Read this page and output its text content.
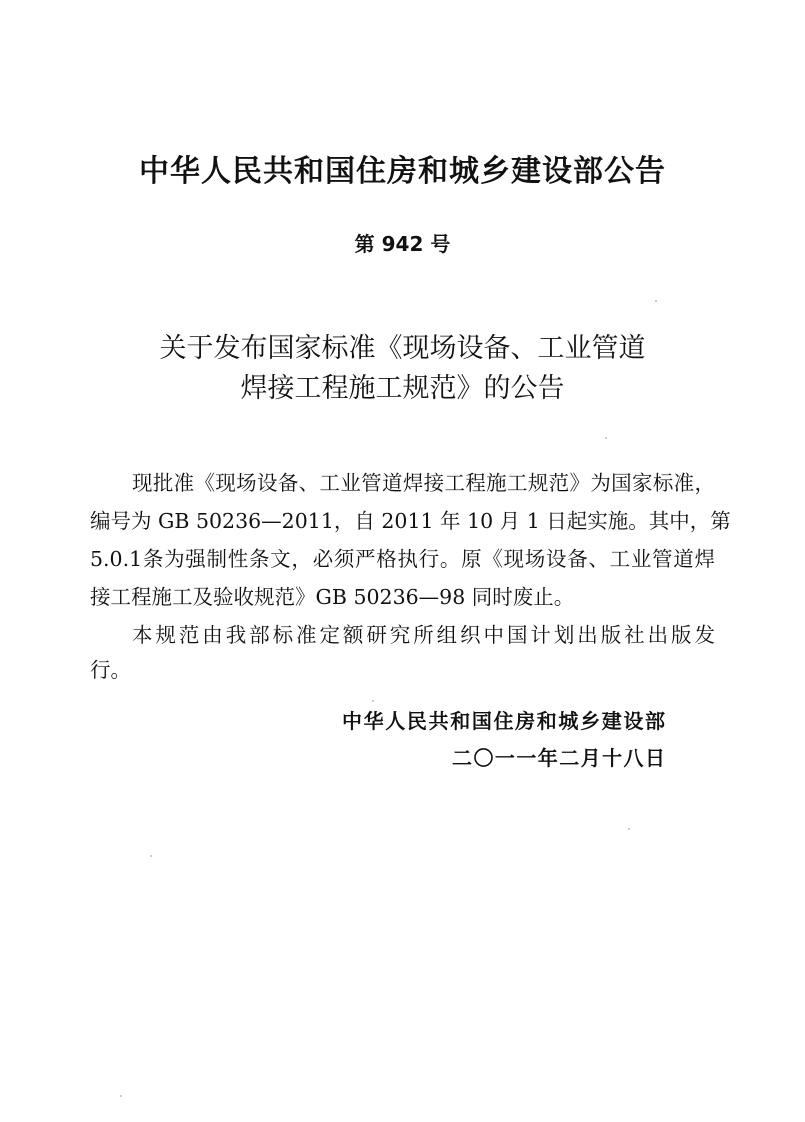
中华人民共和国住房和城乡建设部公告
第 942 号
关于发布国家标准《现场设备、工业管道
焊接工程施工规范》的公告
现批准《现场设备、工业管道焊接工程施工规范》为国家标准，
编号为 GB 50236—2011，自 2011 年 10 月 1 日起实施。其中，第
5.0.1条为强制性条文，必须严格执行。原《现场设备、工业管道焊
接工程施工及验收规范》GB 50236—98 同时废止。
本规范由我部标准定额研究所组织中国计划出版社出版发
行。
中华人民共和国住房和城乡建设部
二〇一一年二月十八日
